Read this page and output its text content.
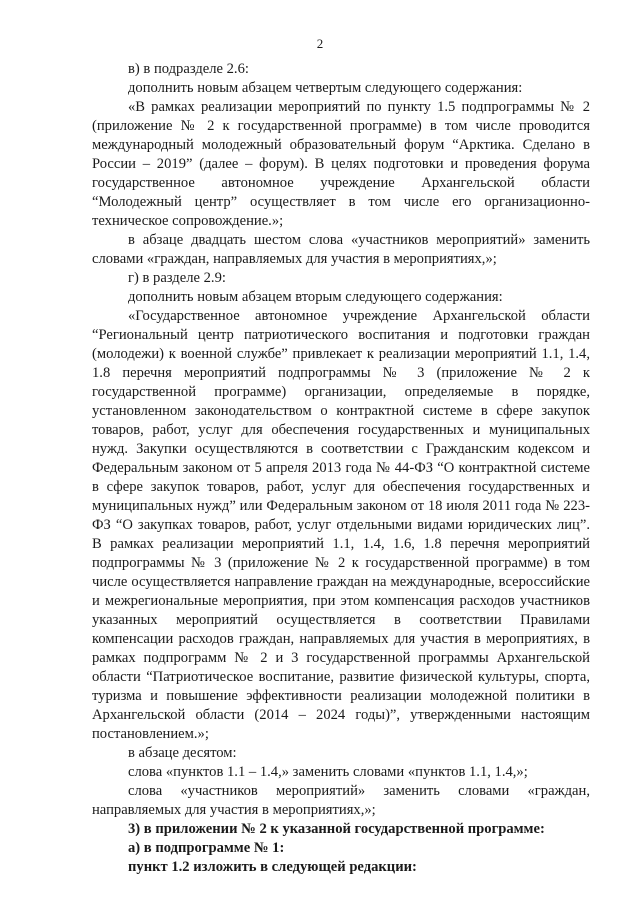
2

в) в подразделе 2.6:

дополнить новым абзацем четвертым следующего содержания:

«В рамках реализации мероприятий по пункту 1.5 подпрограммы № 2 (приложение № 2 к государственной программе) в том числе проводится международный молодежный образовательный форум “Арктика. Сделано в России – 2019” (далее – форум). В целях подготовки и проведения форума государственное автономное учреждение Архангельской области “Молодежный центр” осуществляет в том числе его организационно-техническое сопровождение.»;

в абзаце двадцать шестом слова «участников мероприятий» заменить словами «граждан, направляемых для участия в мероприятиях,»;

г) в разделе 2.9:

дополнить новым абзацем вторым следующего содержания:

«Государственное автономное учреждение Архангельской области “Региональный центр патриотического воспитания и подготовки граждан (молодежи) к военной службе” привлекает к реализации мероприятий 1.1, 1.4, 1.8 перечня мероприятий подпрограммы № 3 (приложение № 2 к государственной программе) организации, определяемые в порядке, установленном законодательством о контрактной системе в сфере закупок товаров, работ, услуг для обеспечения государственных и муниципальных нужд. Закупки осуществляются в соответствии с Гражданским кодексом и Федеральным законом от 5 апреля 2013 года № 44-ФЗ “О контрактной системе в сфере закупок товаров, работ, услуг для обеспечения государственных и муниципальных нужд” или Федеральным законом от 18 июля 2011 года № 223-ФЗ “О закупках товаров, работ, услуг отдельными видами юридических лиц”. В рамках реализации мероприятий 1.1, 1.4, 1.6, 1.8 перечня мероприятий подпрограммы № 3 (приложение № 2 к государственной программе) в том числе осуществляется направление граждан на международные, всероссийские и межрегиональные мероприятия, при этом компенсация расходов участников указанных мероприятий осуществляется в соответствии Правилами компенсации расходов граждан, направляемых для участия в мероприятиях, в рамках подпрограмм № 2 и 3 государственной программы Архангельской области “Патриотическое воспитание, развитие физической культуры, спорта, туризма и повышение эффективности реализации молодежной политики в Архангельской области (2014 – 2024 годы)”, утвержденными настоящим постановлением.»;

в абзаце десятом:

слова «пунктов 1.1 – 1.4,» заменить словами «пунктов 1.1, 1.4,»;

слова «участников мероприятий» заменить словами «граждан, направляемых для участия в мероприятиях,»;

3) в приложении № 2 к указанной государственной программе:

а) в подпрограмме № 1:

пункт 1.2 изложить в следующей редакции:
